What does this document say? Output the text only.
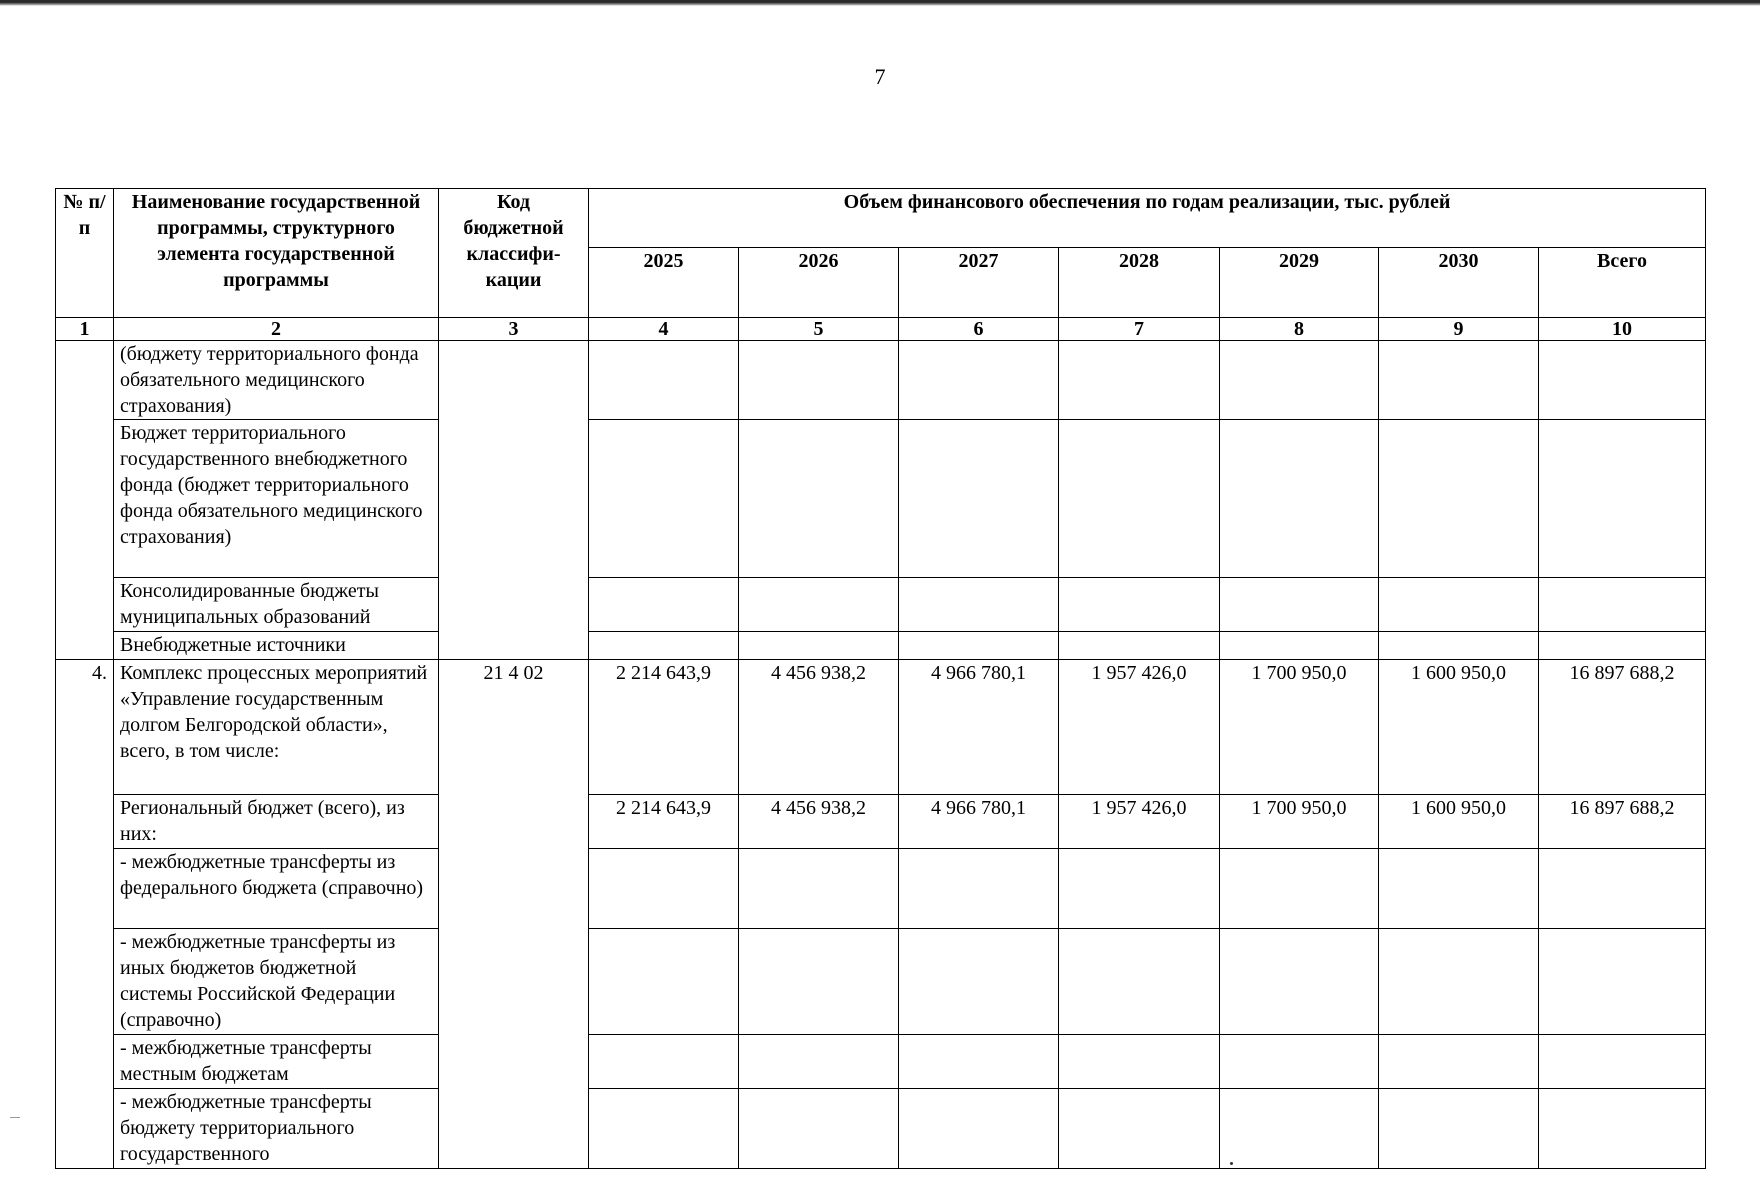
7
№ п/п	Наименование государственной программы, структурного элемента государственной программы	Код бюджетной классифи-кации	Объем финансового обеспечения по годам реализации, тыс. рублей						
			2025	2026	2027	2028	2029	2030	Всего
1	2	3	4	5	6	7	8	9	10
	(бюджету территориального фонда обязательного медицинского страхования)								
	Бюджет территориального государственного внебюджетного фонда (бюджет территориального фонда обязательного медицинского страхования)								
	Консолидированные бюджеты муниципальных образований								
	Внебюджетные источники								
4.	Комплекс процессных мероприятий «Управление государственным долгом Белгородской области», всего, в том числе:	21 4 02	2 214 643,9	4 456 938,2	4 966 780,1	1 957 426,0	1 700 950,0	1 600 950,0	16 897 688,2
	Региональный бюджет (всего), из них:		2 214 643,9	4 456 938,2	4 966 780,1	1 957 426,0	1 700 950,0	1 600 950,0	16 897 688,2
	- межбюджетные трансферты из федерального бюджета (справочно)								
	- межбюджетные трансферты из иных бюджетов бюджетной системы Российской Федерации (справочно)								
	- межбюджетные трансферты местным бюджетам								
	- межбюджетные трансферты бюджету территориального государственного								
